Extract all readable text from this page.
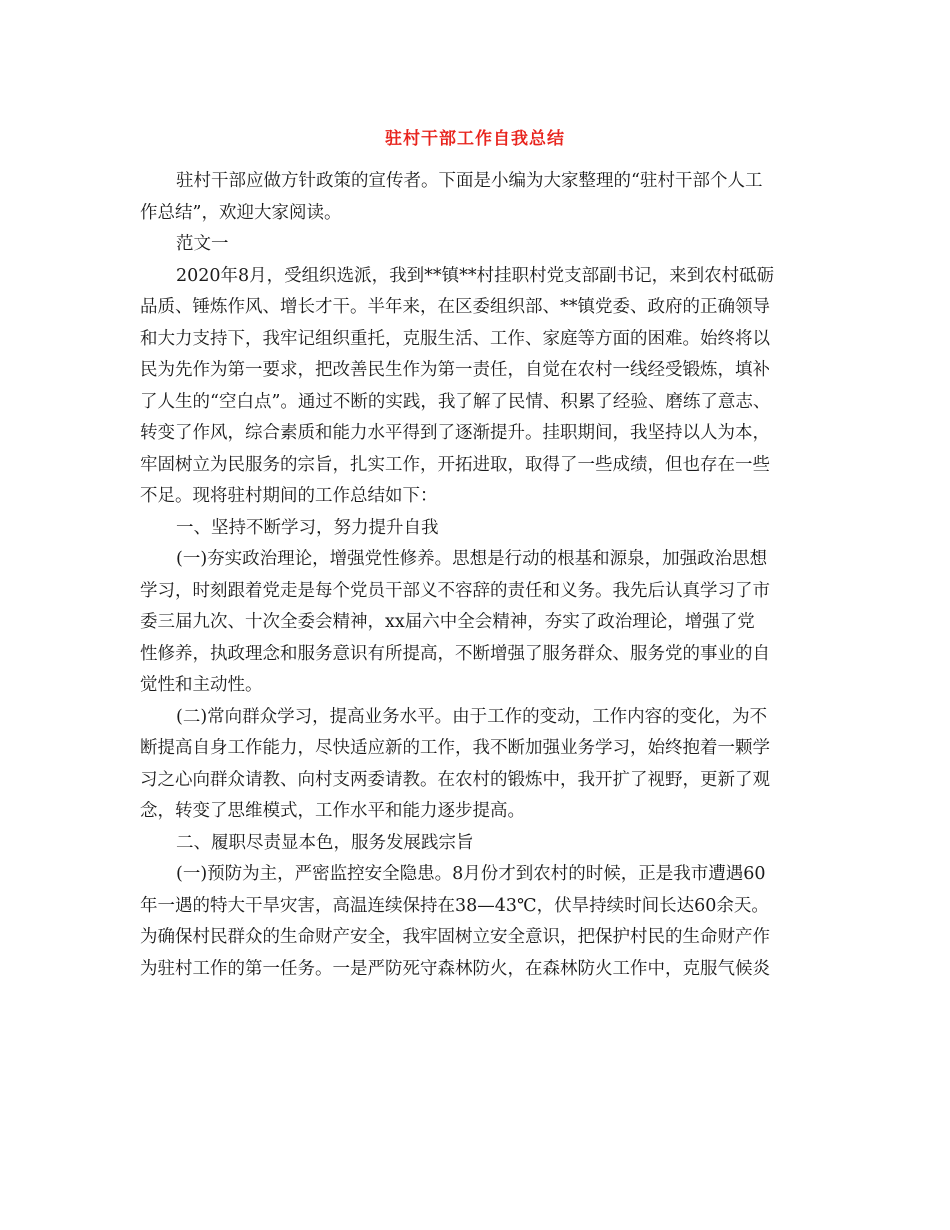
驻村干部工作自我总结
驻村干部应做方针政策的宣传者。下面是小编为大家整理的“驻村干部个人工
作总结”，欢迎大家阅读。
范文一
2020年8月，受组织选派，我到**镇**村挂职村党支部副书记，来到农村砥砺
品质、锤炼作风、增长才干。半年来，在区委组织部、**镇党委、政府的正确领导
和大力支持下，我牢记组织重托，克服生活、工作、家庭等方面的困难。始终将以
民为先作为第一要求，把改善民生作为第一责任，自觉在农村一线经受锻炼，填补
了人生的“空白点”。通过不断的实践，我了解了民情、积累了经验、磨练了意志、
转变了作风，综合素质和能力水平得到了逐渐提升。挂职期间，我坚持以人为本，
牢固树立为民服务的宗旨，扎实工作，开拓进取，取得了一些成绩，但也存在一些
不足。现将驻村期间的工作总结如下：
一、坚持不断学习，努力提升自我
(一)夯实政治理论，增强党性修养。思想是行动的根基和源泉，加强政治思想
学习，时刻跟着党走是每个党员干部义不容辞的责任和义务。我先后认真学习了市
委三届九次、十次全委会精神，xx届六中全会精神，夯实了政治理论，增强了党
性修养，执政理念和服务意识有所提高，不断增强了服务群众、服务党的事业的自
觉性和主动性。
(二)常向群众学习，提高业务水平。由于工作的变动，工作内容的变化，为不
断提高自身工作能力，尽快适应新的工作，我不断加强业务学习，始终抱着一颗学
习之心向群众请教、向村支两委请教。在农村的锻炼中，我开扩了视野，更新了观
念，转变了思维模式，工作水平和能力逐步提高。
二、履职尽责显本色，服务发展践宗旨
(一)预防为主，严密监控安全隐患。8月份才到农村的时候，正是我市遭遇60
年一遇的特大干旱灾害，高温连续保持在38—43℃，伏旱持续时间长达60余天。
为确保村民群众的生命财产安全，我牢固树立安全意识，把保护村民的生命财产作
为驻村工作的第一任务。一是严防死守森林防火，在森林防火工作中，克服气候炎
